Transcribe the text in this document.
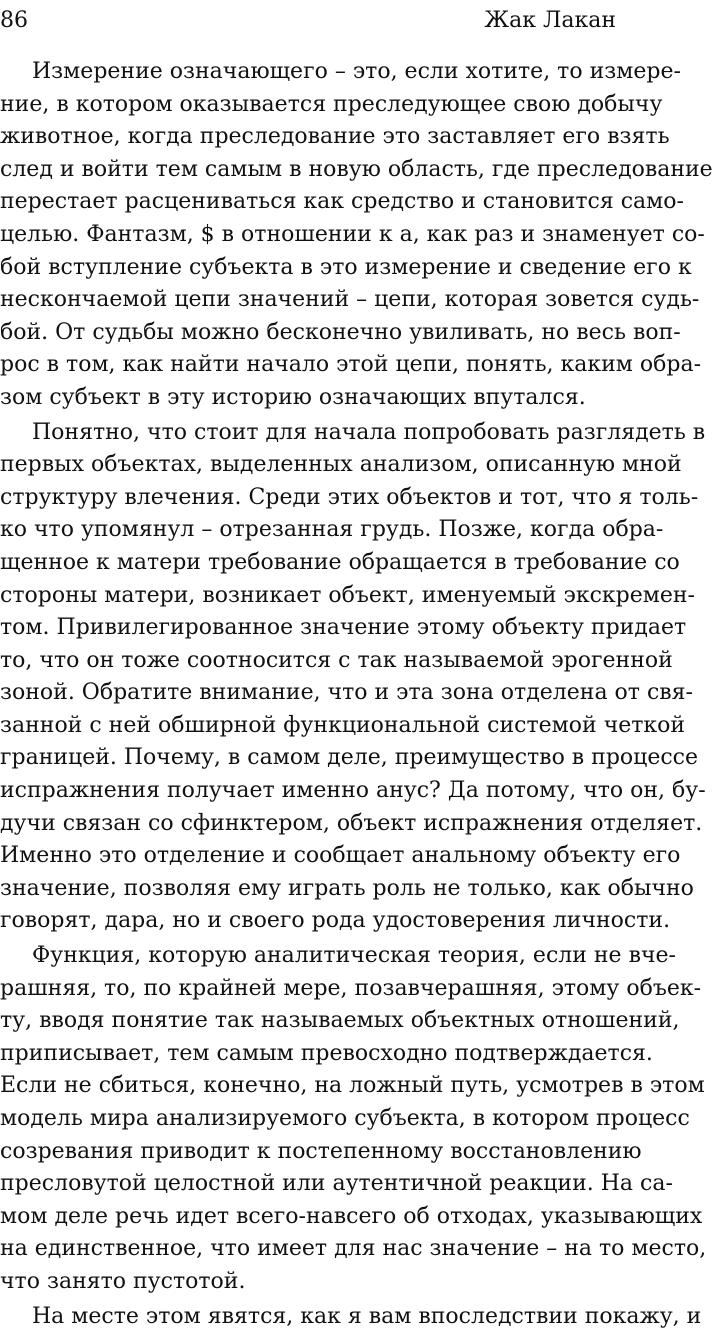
86	Жак Лакан
Измерение означающего – это, если хотите, то измере-
ние, в котором оказывается преследующее свою добычу
животное, когда преследование это заставляет его взять
след и войти тем самым в новую область, где преследование
перестает расцениваться как средство и становится само-
целью. Фантазм, $ в отношении к a, как раз и знаменует со-
бой вступление субъекта в это измерение и сведение его к
нескончаемой цепи значений – цепи, которая зовется судь-
бой. От судьбы можно бесконечно увиливать, но весь воп-
рос в том, как найти начало этой цепи, понять, каким обра-
зом субъект в эту историю означающих впутался.
Понятно, что стоит для начала попробовать разглядеть в
первых объектах, выделенных анализом, описанную мной
структуру влечения. Среди этих объектов и тот, что я толь-
ко что упомянул – отрезанная грудь. Позже, когда обра-
щенное к матери требование обращается в требование со
стороны матери, возникает объект, именуемый экскремен-
том. Привилегированное значение этому объекту придает
то, что он тоже соотносится с так называемой эрогенной
зоной. Обратите внимание, что и эта зона отделена от свя-
занной с ней обширной функциональной системой четкой
границей. Почему, в самом деле, преимущество в процессе
испражнения получает именно анус? Да потому, что он, бу-
дучи связан со сфинктером, объект испражнения отделяет.
Именно это отделение и сообщает анальному объекту его
значение, позволяя ему играть роль не только, как обычно
говорят, дара, но и своего рода удостоверения личности.
Функция, которую аналитическая теория, если не вче-
рашняя, то, по крайней мере, позавчерашняя, этому объек-
ту, вводя понятие так называемых объектных отношений,
приписывает, тем самым превосходно подтверждается.
Если не сбиться, конечно, на ложный путь, усмотрев в этом
модель мира анализируемого субъекта, в котором процесс
созревания приводит к постепенному восстановлению
пресловутой целостной или аутентичной реакции. На са-
мом деле речь идет всего-навсего об отходах, указывающих
на единственное, что имеет для нас значение – на то место,
что занято пустотой.
На месте этом явятся, как я вам впоследствии покажу, и
